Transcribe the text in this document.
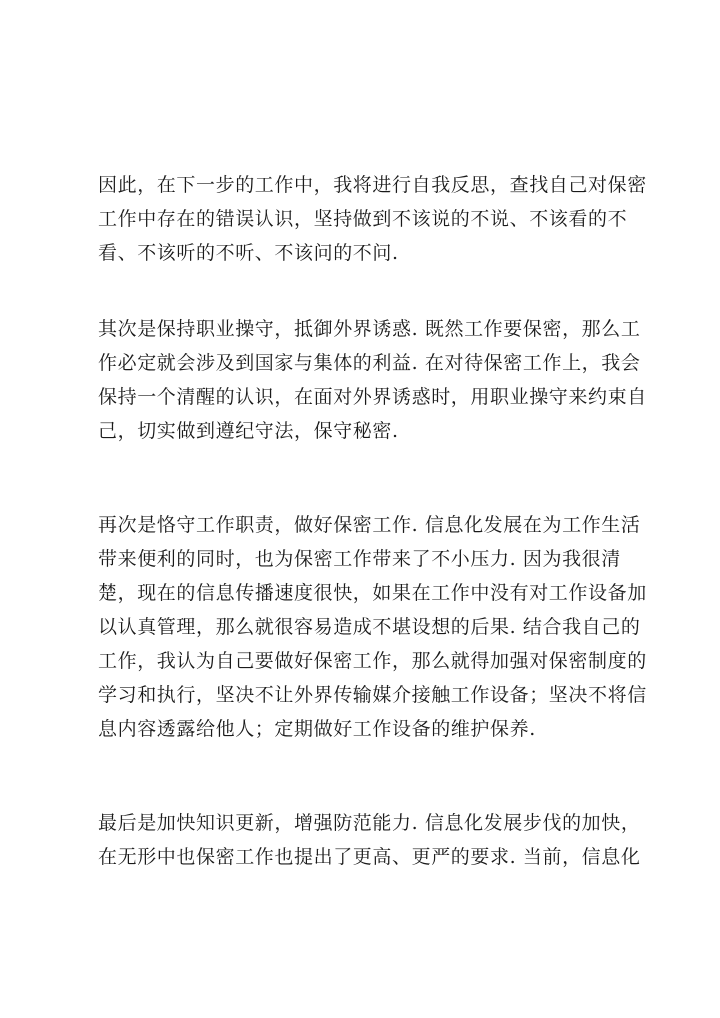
因此，在下一步的工作中，我将进行自我反思，查找自己对保密
工作中存在的错误认识，坚持做到不该说的不说、不该看的不
看、不该听的不听、不该问的不问.
其次是保持职业操守，抵御外界诱惑. 既然工作要保密，那么工
作必定就会涉及到国家与集体的利益. 在对待保密工作上，我会
保持一个清醒的认识，在面对外界诱惑时，用职业操守来约束自
己，切实做到遵纪守法，保守秘密.
再次是恪守工作职责，做好保密工作. 信息化发展在为工作生活
带来便利的同时，也为保密工作带来了不小压力. 因为我很清
楚，现在的信息传播速度很快，如果在工作中没有对工作设备加
以认真管理，那么就很容易造成不堪设想的后果. 结合我自己的
工作，我认为自己要做好保密工作，那么就得加强对保密制度的
学习和执行，坚决不让外界传输媒介接触工作设备；坚决不将信
息内容透露给他人；定期做好工作设备的维护保养.
最后是加快知识更新，增强防范能力. 信息化发展步伐的加快，
在无形中也保密工作也提出了更高、更严的要求. 当前，信息化
